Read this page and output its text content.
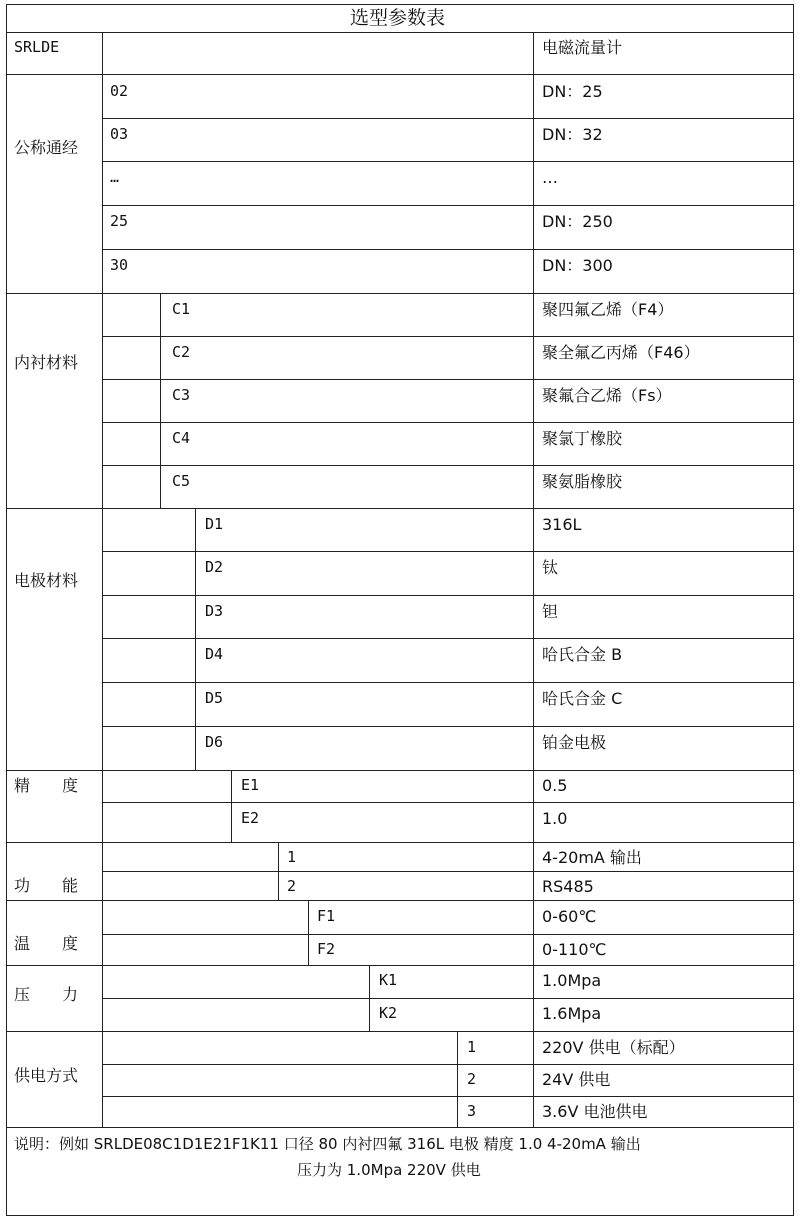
选型参数表
SRLDE	电磁流量计
公称通经
02	DN：25
03	DN：32
…	…
25	DN：250
30	DN：300
内衬材料
C1	聚四氟乙烯（F4）
C2	聚全氟乙丙烯（F46）
C3	聚氟合乙烯（Fs）
C4	聚氯丁橡胶
C5	聚氨脂橡胶
电极材料
D1	316L
D2	钛
D3	钽
D4	哈氏合金 B
D5	哈氏合金 C
D6	铂金电极
精　　度	E1	0.5
E2	1.0
功　　能
1	4-20mA 输出
2	RS485
温　　度
F1	0-60℃
F2	0-110℃
压　　力
K1	1.0Mpa
K2	1.6Mpa
供电方式
1	220V 供电（标配）
2	24V 供电
3	3.6V 电池供电
说明：例如 SRLDE08C1D1E21F1K11 口径 80 内衬四氟 316L 电极 精度 1.0 4-20mA 输出
压力为 1.0Mpa 220V 供电
